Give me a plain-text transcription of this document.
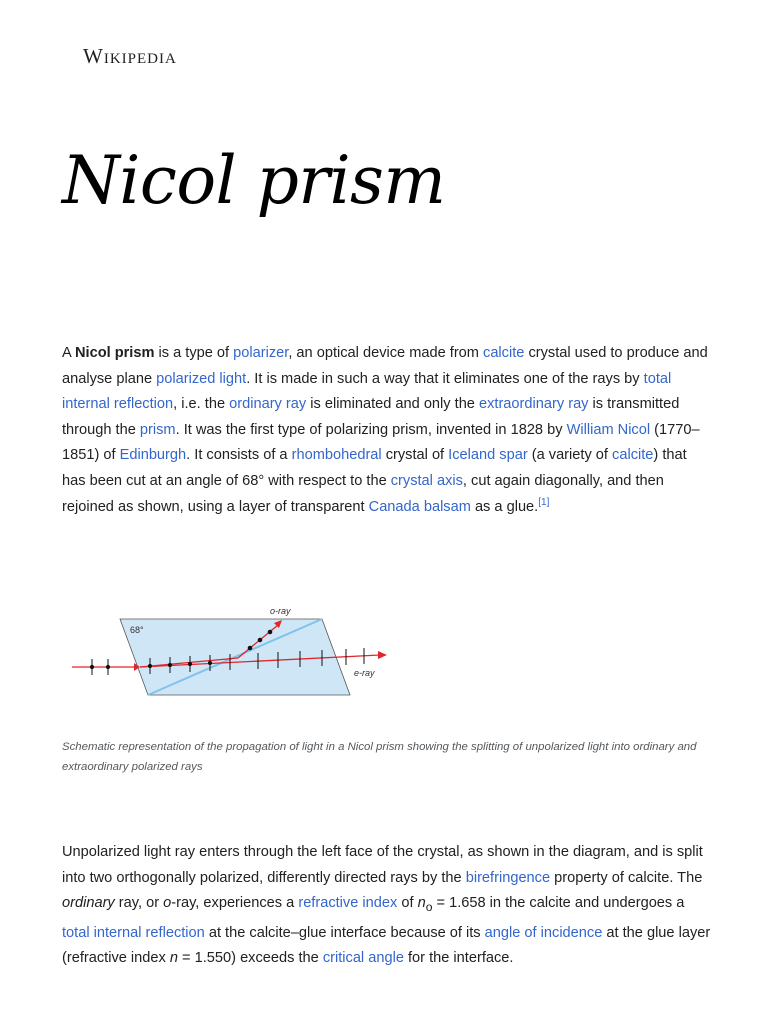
Wikipedia
Nicol prism

A Nicol prism is a type of polarizer, an optical device made from calcite crystal used to produce and analyse plane polarized light. It is made in such a way that it eliminates one of the rays by total internal reflection, i.e. the ordinary ray is eliminated and only the extraordinary ray is transmitted through the prism. It was the first type of polarizing prism, invented in 1828 by William Nicol (1770–1851) of Edinburgh. It consists of a rhombohedral crystal of Iceland spar (a variety of calcite) that has been cut at an angle of 68° with respect to the crystal axis, cut again diagonally, and then rejoined as shown, using a layer of transparent Canada balsam as a glue.[1]

68°
o-ray
e-ray

Schematic representation of the propagation of light in a Nicol prism showing the splitting of unpolarized light into ordinary and extraordinary polarized rays

Unpolarized light ray enters through the left face of the crystal, as shown in the diagram, and is split into two orthogonally polarized, differently directed rays by the birefringence property of calcite. The ordinary ray, or o-ray, experiences a refractive index of $n_o = 1.658$ in the calcite and undergoes a total internal reflection at the calcite–glue interface because of its angle of incidence at the glue layer (refractive index n = 1.550) exceeds the critical angle for the interface.
